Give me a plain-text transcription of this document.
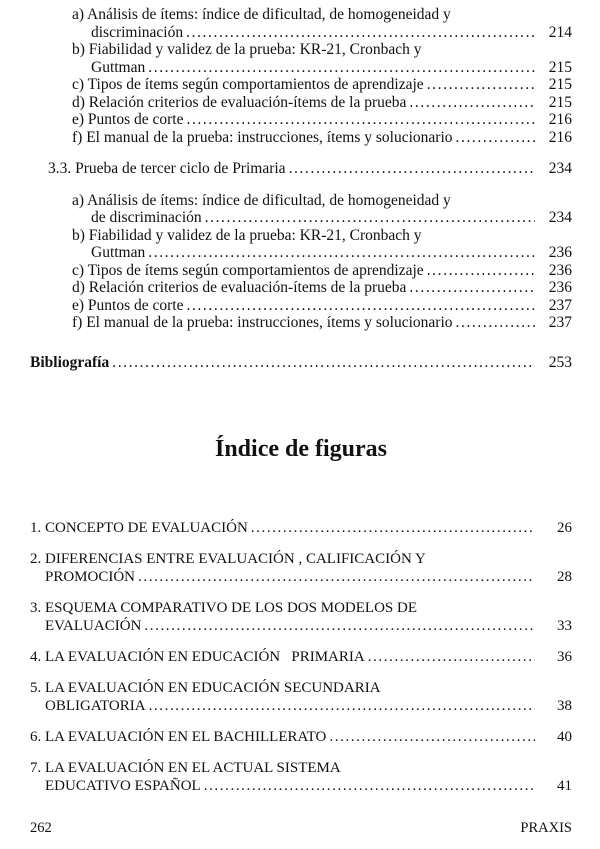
a) Análisis de ítems: índice de dificultad, de homogeneidad y
discriminación .....	214
b) Fiabilidad y validez de la prueba: KR-21, Cronbach y
Guttman .....	215
c) Tipos de ítems según comportamientos de aprendizaje .....	215
d) Relación criterios de evaluación-ítems de la prueba .....	215
e) Puntos de corte .....	216
f) El manual de la prueba: instrucciones, ítems y solucionario .....	216
3.3. Prueba de tercer ciclo de Primaria .....	234
a) Análisis de ítems: índice de dificultad, de homogeneidad y
de discriminación .....	234
b) Fiabilidad y validez de la prueba: KR-21, Cronbach y
Guttman .....	236
c) Tipos de ítems según comportamientos de aprendizaje .....	236
d) Relación criterios de evaluación-ítems de la prueba .....	236
e) Puntos de corte .....	237
f) El manual de la prueba: instrucciones, ítems y solucionario .....	237
Bibliografía .....	253
Índice de figuras
1. CONCEPTO DE EVALUACIÓN .....	26
2. DIFERENCIAS ENTRE EVALUACIÓN , CALIFICACIÓN Y
PROMOCIÓN .....	28
3. ESQUEMA COMPARATIVO DE LOS DOS MODELOS DE
EVALUACIÓN .....	33
4. LA EVALUACIÓN EN EDUCACIÓN   PRIMARIA .....	36
5. LA EVALUACIÓN EN EDUCACIÓN SECUNDARIA
OBLIGATORIA .....	38
6. LA EVALUACIÓN EN EL BACHILLERATO .....	40
7. LA EVALUACIÓN EN EL ACTUAL SISTEMA
EDUCATIVO ESPAÑOL .....	41
262	PRAXIS
